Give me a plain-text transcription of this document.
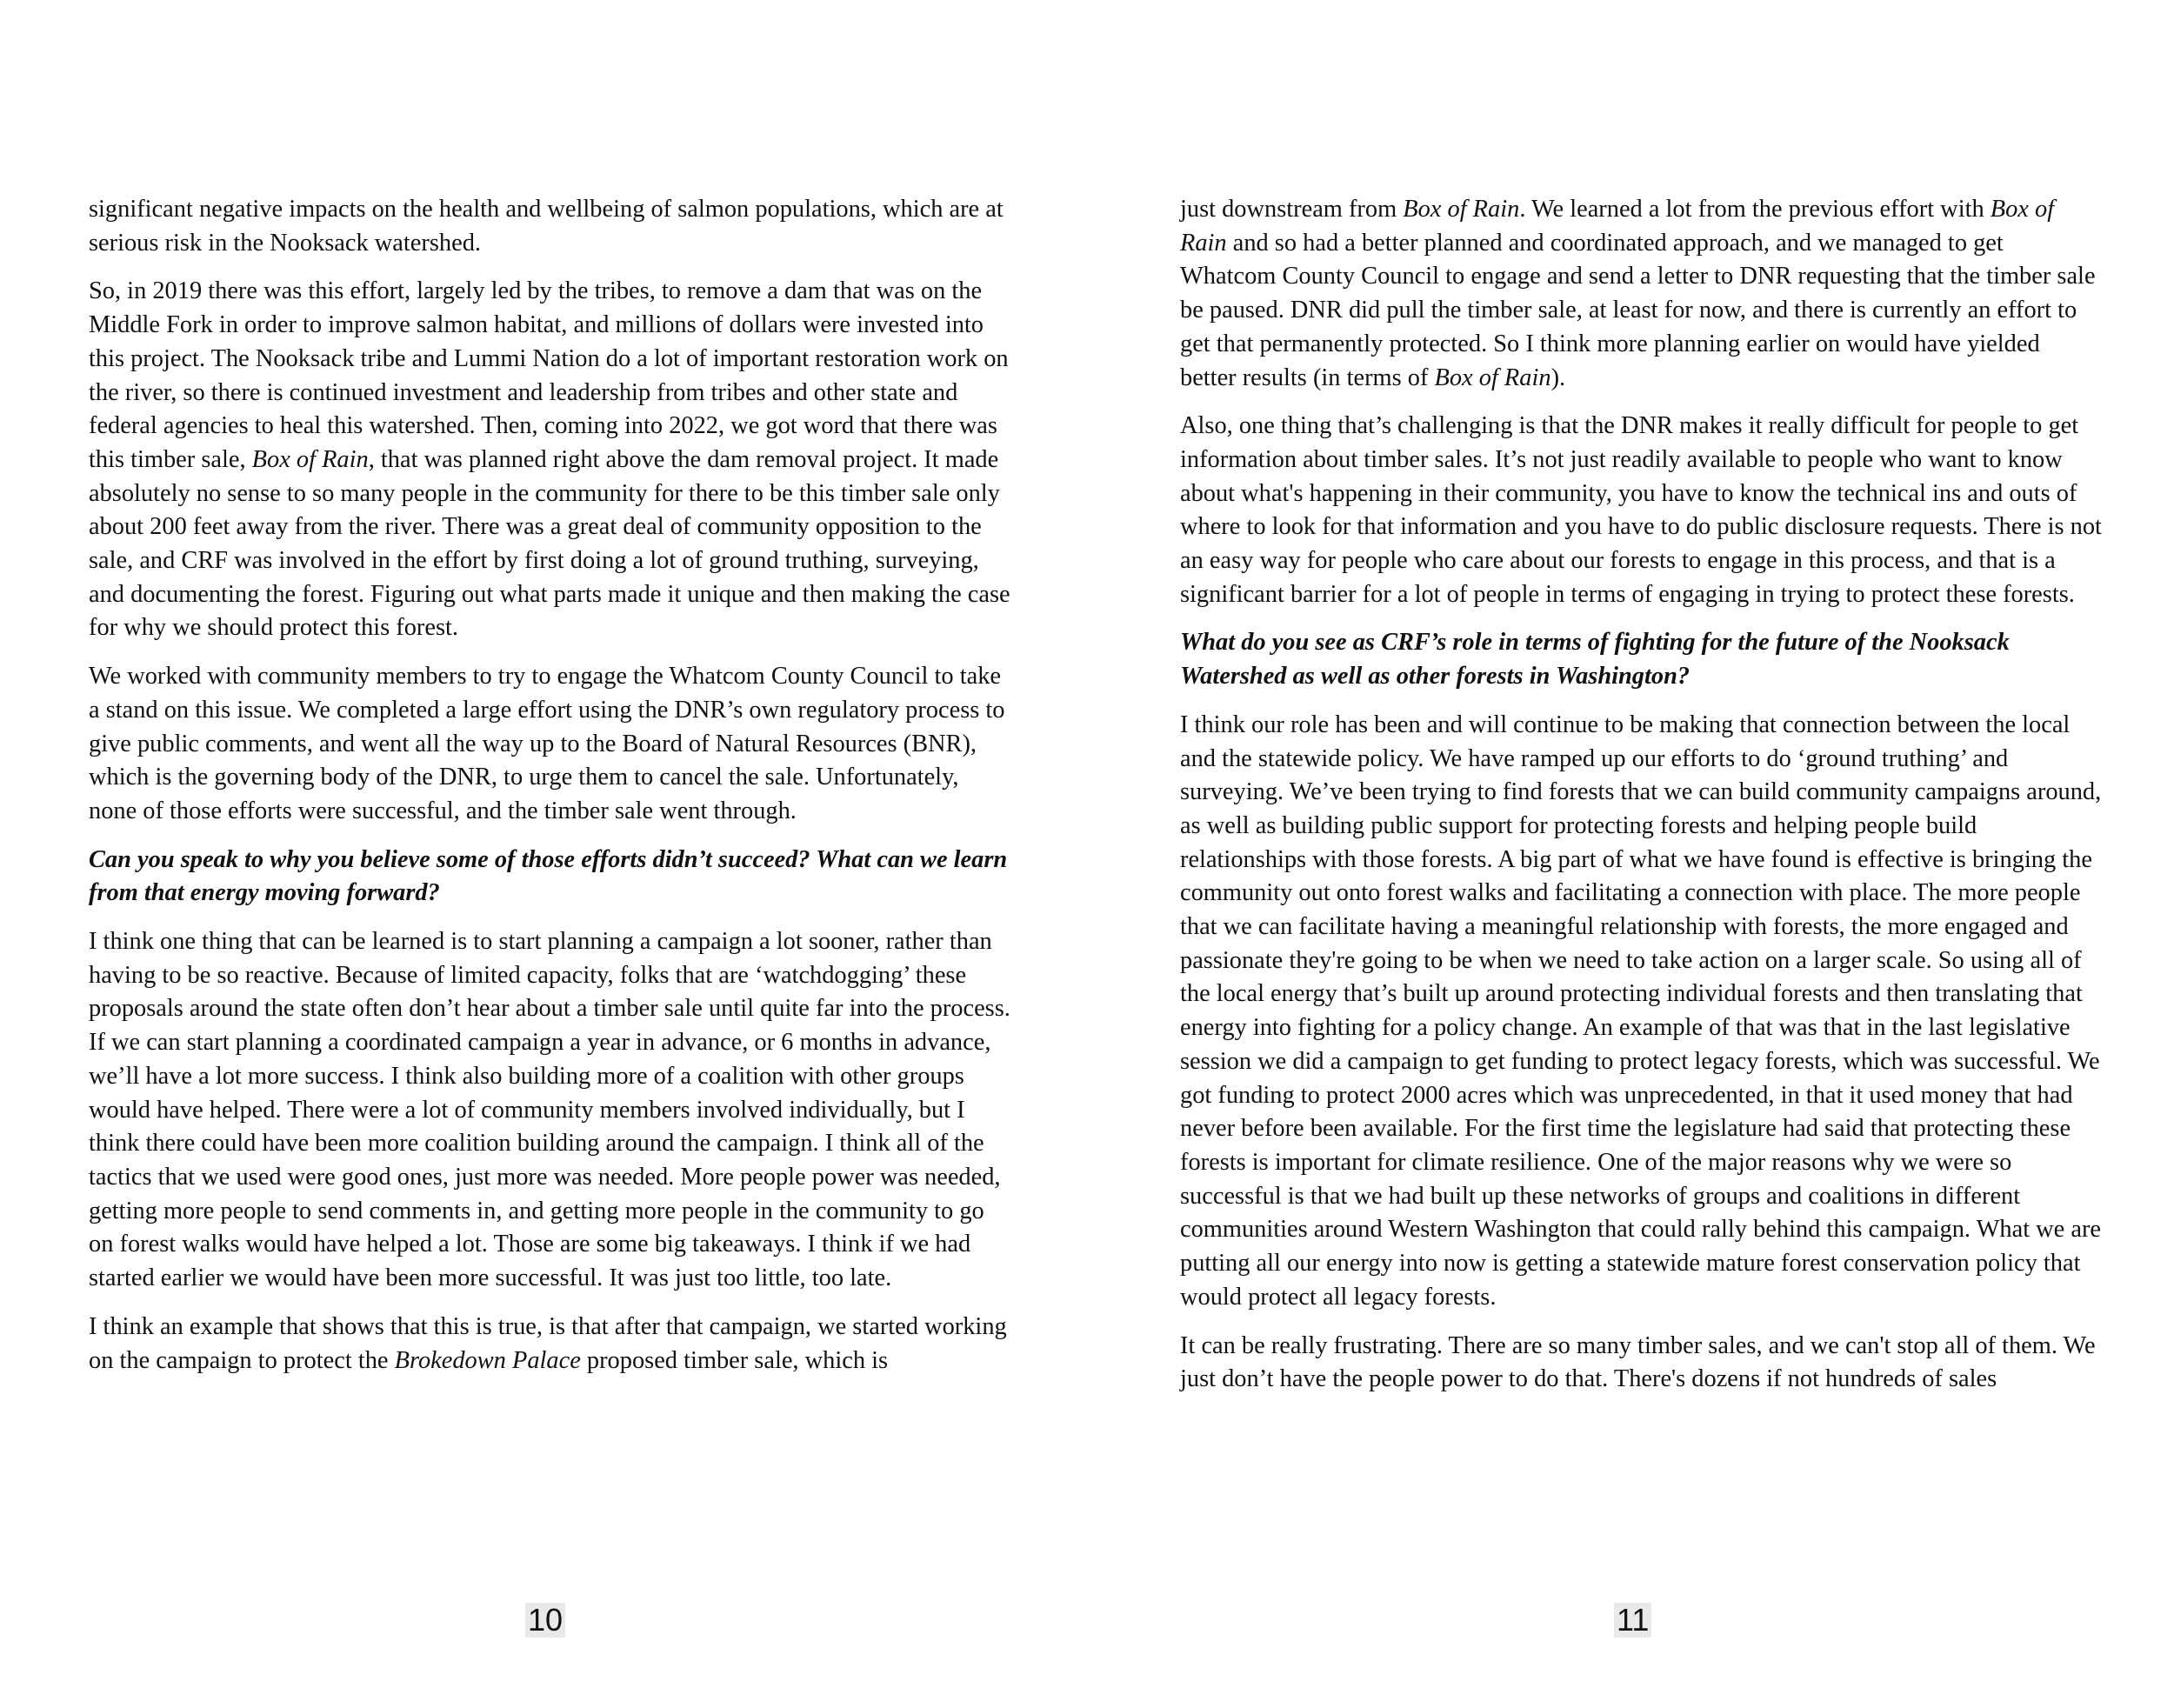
significant negative impacts on the health and wellbeing of salmon populations, which are at serious risk in the Nooksack watershed.

So, in 2019 there was this effort, largely led by the tribes, to remove a dam that was on the Middle Fork in order to improve salmon habitat, and millions of dollars were invested into this project. The Nooksack tribe and Lummi Nation do a lot of important restoration work on the river, so there is continued investment and leadership from tribes and other state and federal agencies to heal this watershed. Then, coming into 2022, we got word that there was this timber sale, Box of Rain, that was planned right above the dam removal project. It made absolutely no sense to so many people in the community for there to be this timber sale only about 200 feet away from the river. There was a great deal of community opposition to the sale, and CRF was involved in the effort by first doing a lot of ground truthing, surveying, and documenting the forest. Figuring out what parts made it unique and then making the case for why we should protect this forest.

We worked with community members to try to engage the Whatcom County Council to take a stand on this issue. We completed a large effort using the DNR’s own regulatory process to give public comments, and went all the way up to the Board of Natural Resources (BNR), which is the governing body of the DNR, to urge them to cancel the sale. Unfortunately, none of those efforts were successful, and the timber sale went through.

Can you speak to why you believe some of those efforts didn’t succeed? What can we learn from that energy moving forward?

I think one thing that can be learned is to start planning a campaign a lot sooner, rather than having to be so reactive. Because of limited capacity, folks that are ‘watchdogging’ these proposals around the state often don’t hear about a timber sale until quite far into the process. If we can start planning a coordinated campaign a year in advance, or 6 months in advance, we’ll have a lot more success. I think also building more of a coalition with other groups would have helped. There were a lot of community members involved individually, but I think there could have been more coalition building around the campaign. I think all of the tactics that we used were good ones, just more was needed. More people power was needed, getting more people to send comments in, and getting more people in the community to go on forest walks would have helped a lot. Those are some big takeaways. I think if we had started earlier we would have been more successful. It was just too little, too late.

I think an example that shows that this is true, is that after that campaign, we started working on the campaign to protect the Brokedown Palace proposed timber sale, which is

10

just downstream from Box of Rain. We learned a lot from the previous effort with Box of Rain and so had a better planned and coordinated approach, and we managed to get Whatcom County Council to engage and send a letter to DNR requesting that the timber sale be paused. DNR did pull the timber sale, at least for now, and there is currently an effort to get that permanently protected. So I think more planning earlier on would have yielded better results (in terms of Box of Rain).

Also, one thing that’s challenging is that the DNR makes it really difficult for people to get information about timber sales. It’s not just readily available to people who want to know about what's happening in their community, you have to know the technical ins and outs of where to look for that information and you have to do public disclosure requests. There is not an easy way for people who care about our forests to engage in this process, and that is a significant barrier for a lot of people in terms of engaging in trying to protect these forests.

What do you see as CRF’s role in terms of fighting for the future of the Nooksack Watershed as well as other forests in Washington?

I think our role has been and will continue to be making that connection between the local and the statewide policy. We have ramped up our efforts to do ‘ground truthing’ and surveying. We’ve been trying to find forests that we can build community campaigns around, as well as building public support for protecting forests and helping people build relationships with those forests. A big part of what we have found is effective is bringing the community out onto forest walks and facilitating a connection with place. The more people that we can facilitate having a meaningful relationship with forests, the more engaged and passionate they're going to be when we need to take action on a larger scale. So using all of the local energy that’s built up around protecting individual forests and then translating that energy into fighting for a policy change. An example of that was that in the last legislative session we did a campaign to get funding to protect legacy forests, which was successful. We got funding to protect 2000 acres which was unprecedented, in that it used money that had never before been available. For the first time the legislature had said that protecting these forests is important for climate resilience. One of the major reasons why we were so successful is that we had built up these networks of groups and coalitions in different communities around Western Washington that could rally behind this campaign. What we are putting all our energy into now is getting a statewide mature forest conservation policy that would protect all legacy forests.

It can be really frustrating. There are so many timber sales, and we can't stop all of them. We just don’t have the people power to do that. There's dozens if not hundreds of sales

11
